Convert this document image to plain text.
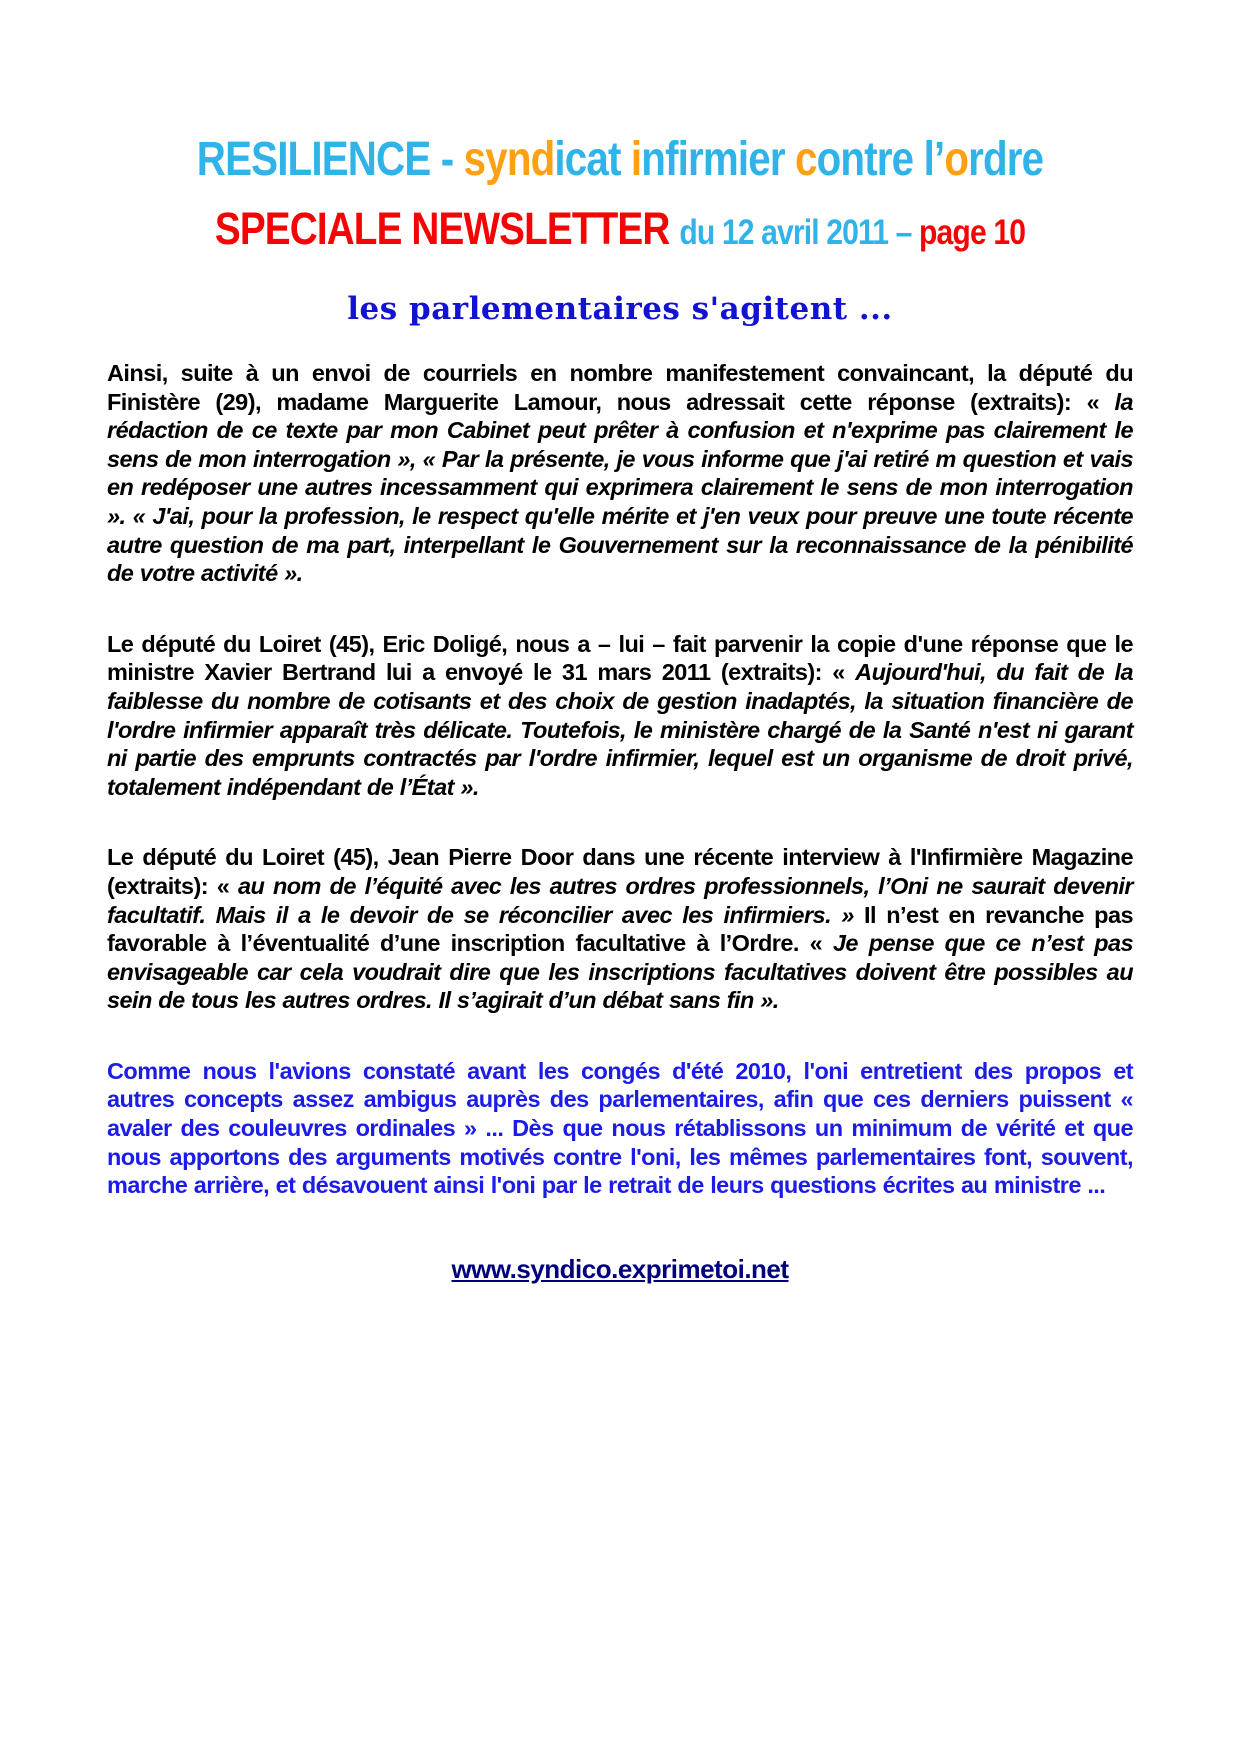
RESILIENCE - syndicat infirmier contre l’ordre
SPECIALE NEWSLETTER du 12 avril 2011 – page 10
les parlementaires s'agitent ...
Ainsi, suite à un envoi de courriels en nombre manifestement convaincant, la député du Finistère (29), madame Marguerite Lamour, nous adressait cette réponse (extraits): « la rédaction de ce texte par mon Cabinet peut prêter à confusion et n'exprime pas clairement le sens de mon interrogation », « Par la présente, je vous informe que j'ai retiré m question et vais en redéposer une autres incessamment qui exprimera clairement le sens de mon interrogation ». « J'ai, pour la profession, le respect qu'elle mérite et j'en veux pour preuve une toute récente autre question de ma part, interpellant le Gouvernement sur la reconnaissance de la pénibilité de votre activité ».
Le député du Loiret (45), Eric Doligé, nous a – lui – fait parvenir la copie d'une réponse que le ministre Xavier Bertrand lui a envoyé le 31 mars 2011 (extraits): « Aujourd'hui, du fait de la faiblesse du nombre de cotisants et des choix de gestion inadaptés, la situation financière de l'ordre infirmier apparaît très délicate. Toutefois, le ministère chargé de la Santé n'est ni garant ni partie des emprunts contractés par l'ordre infirmier, lequel est un organisme de droit privé, totalement indépendant de l’État ».
Le député du Loiret (45), Jean Pierre Door dans une récente interview à l'Infirmière Magazine (extraits): « au nom de l’équité avec les autres ordres professionnels, l’Oni ne saurait devenir facultatif. Mais il a le devoir de se réconcilier avec les infirmiers. » Il n’est en revanche pas favorable à l’éventualité d’une inscription facultative à l’Ordre. « Je pense que ce n’est pas envisageable car cela voudrait dire que les inscriptions facultatives doivent être possibles au sein de tous les autres ordres. Il s’agirait d’un débat sans fin ».
Comme nous l'avions constaté avant les congés d'été 2010, l'oni entretient des propos et autres concepts assez ambigus auprès des parlementaires, afin que ces derniers puissent « avaler des couleuvres ordinales » ... Dès que nous rétablissons un minimum de vérité et que nous apportons des arguments motivés contre l'oni, les mêmes parlementaires font, souvent, marche arrière, et désavouent ainsi l'oni par le retrait de leurs questions écrites au ministre ...
www.syndico.exprimetoi.net
